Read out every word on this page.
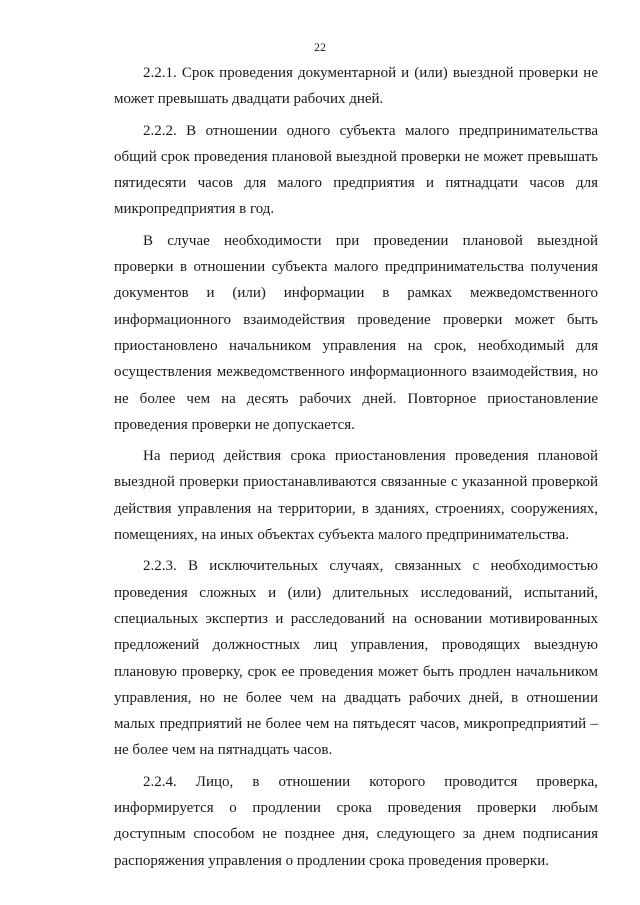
22

2.2.1. Срок проведения документарной и (или) выездной проверки не может превышать двадцати рабочих дней.

2.2.2. В отношении одного субъекта малого предпринимательства общий срок проведения плановой выездной проверки не может превышать пятидесяти часов для малого предприятия и пятнадцати часов для микропредприятия в год.

В случае необходимости при проведении плановой выездной проверки в отношении субъекта малого предпринимательства получения документов и (или) информации в рамках межведомственного информационного взаимодействия проведение проверки может быть приостановлено начальником управления на срок, необходимый для осуществления межведомственного информационного взаимодействия, но не более чем на десять рабочих дней. Повторное приостановление проведения проверки не допускается.

На период действия срока приостановления проведения плановой выездной проверки приостанавливаются связанные с указанной проверкой действия управления на территории, в зданиях, строениях, сооружениях, помещениях, на иных объектах субъекта малого предпринимательства.

2.2.3. В исключительных случаях, связанных с необходимостью проведения сложных и (или) длительных исследований, испытаний, специальных экспертиз и расследований на основании мотивированных предложений должностных лиц управления, проводящих выездную плановую проверку, срок ее проведения может быть продлен начальником управления, но не более чем на двадцать рабочих дней, в отношении малых предприятий не более чем на пятьдесят часов, микропредприятий – не более чем на пятнадцать часов.

2.2.4. Лицо, в отношении которого проводится проверка, информируется о продлении срока проведения проверки любым доступным способом не позднее дня, следующего за днем подписания распоряжения управления о продлении срока проведения проверки.
